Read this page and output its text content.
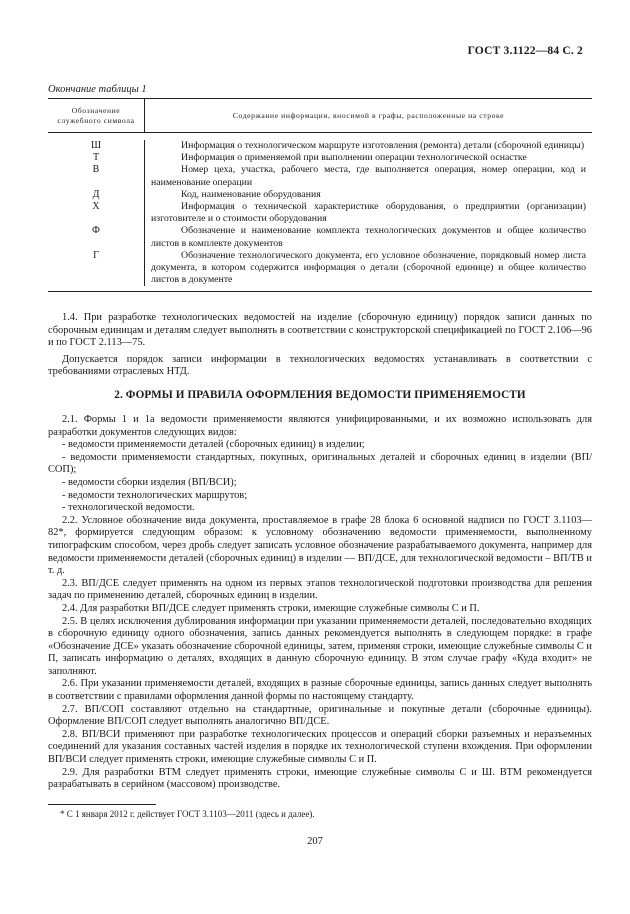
ГОСТ 3.1122—84 С. 2
Окончание таблицы 1
Обозначение служебного символа	Содержание информации, вносимой в графы, расположенные на строке
Ш	Информация о технологическом маршруте изготовления (ремонта) детали (сборочной единицы)
Т	Информация о применяемой при выполнении операции технологической оснастке
В	Номер цеха, участка, рабочего места, где выполняется операция, номер операции, код и наименование операции
Д	Код, наименование оборудования
Х	Информация о технической характеристике оборудования, о предприятии (организации) изготовителе и о стоимости оборудования
Ф	Обозначение и наименование комплекта технологических документов и общее количество листов в комплекте документов
Г	Обозначение технологического документа, его условное обозначение, порядковый номер листа документа, в котором содержится информация о детали (сборочной единице) и общее количество листов в документе

1.4. При разработке технологических ведомостей на изделие (сборочную единицу) порядок записи данных по сборочным единицам и деталям следует выполнять в соответствии с конструкторской спецификацией по ГОСТ 2.106—96 и по ГОСТ 2.113—75.

Допускается порядок записи информации в технологических ведомостях устанавливать в соответствии с требованиями отраслевых НТД.

2. ФОРМЫ И ПРАВИЛА ОФОРМЛЕНИЯ ВЕДОМОСТИ ПРИМЕНЯЕМОСТИ

2.1. Формы 1 и 1а ведомости применяемости являются унифицированными, и их возможно использовать для разработки документов следующих видов:

- ведомости применяемости деталей (сборочных единиц) в изделии;

- ведомости применяемости стандартных, покупных, оригинальных деталей и сборочных единиц в изделии (ВП/СОП);

- ведомости сборки изделия (ВП/ВСИ);

- ведомости технологических маршрутов;

- технологической ведомости.

2.2. Условное обозначение вида документа, проставляемое в графе 28 блока 6 основной надписи по ГОСТ 3.1103—82*, формируется следующим образом: к условному обозначению ведомости применяемости, выполненному типографским способом, через дробь следует записать условное обозначение разрабатываемого документа, например для ведомости применяемости деталей (сборочных единиц) в изделии — ВП/ДСЕ, для технологической ведомости – ВП/ТВ и т. д.

2.3. ВП/ДСЕ следует применять на одном из первых этапов технологической подготовки производства для решения задач по применению деталей, сборочных единиц в изделии.

2.4. Для разработки ВП/ДСЕ следует применять строки, имеющие служебные символы С и П.

2.5. В целях исключения дублирования информации при указании применяемости деталей, последовательно входящих в сборочную единицу одного обозначения, запись данных рекомендуется выполнять в следующем порядке: в графе «Обозначение ДСЕ» указать обозначение сборочной единицы, затем, применяя строки, имеющие служебные символы С и П, записать информацию о деталях, входящих в данную сборочную единицу. В этом случае графу «Куда входит» не заполняют.

2.6. При указании применяемости деталей, входящих в разные сборочные единицы, запись данных следует выполнять в соответствии с правилами оформления данной формы по настоящему стандарту.

2.7. ВП/СОП составляют отдельно на стандартные, оригинальные и покупные детали (сборочные единицы). Оформление ВП/СОП следует выполнять аналогично ВП/ДСЕ.

2.8. ВП/ВСИ применяют при разработке технологических процессов и операций сборки разъемных и неразъемных соединений для указания составных частей изделия в порядке их технологической ступени вхождения. При оформлении ВП/ВСИ следует применять строки, имеющие служебные символы С и П.

2.9. Для разработки ВТМ следует применять строки, имеющие служебные символы С и Ш. ВТМ рекомендуется разрабатывать в серийном (массовом) производстве.

* С 1 января 2012 г. действует ГОСТ 3.1103—2011 (здесь и далее).
207
